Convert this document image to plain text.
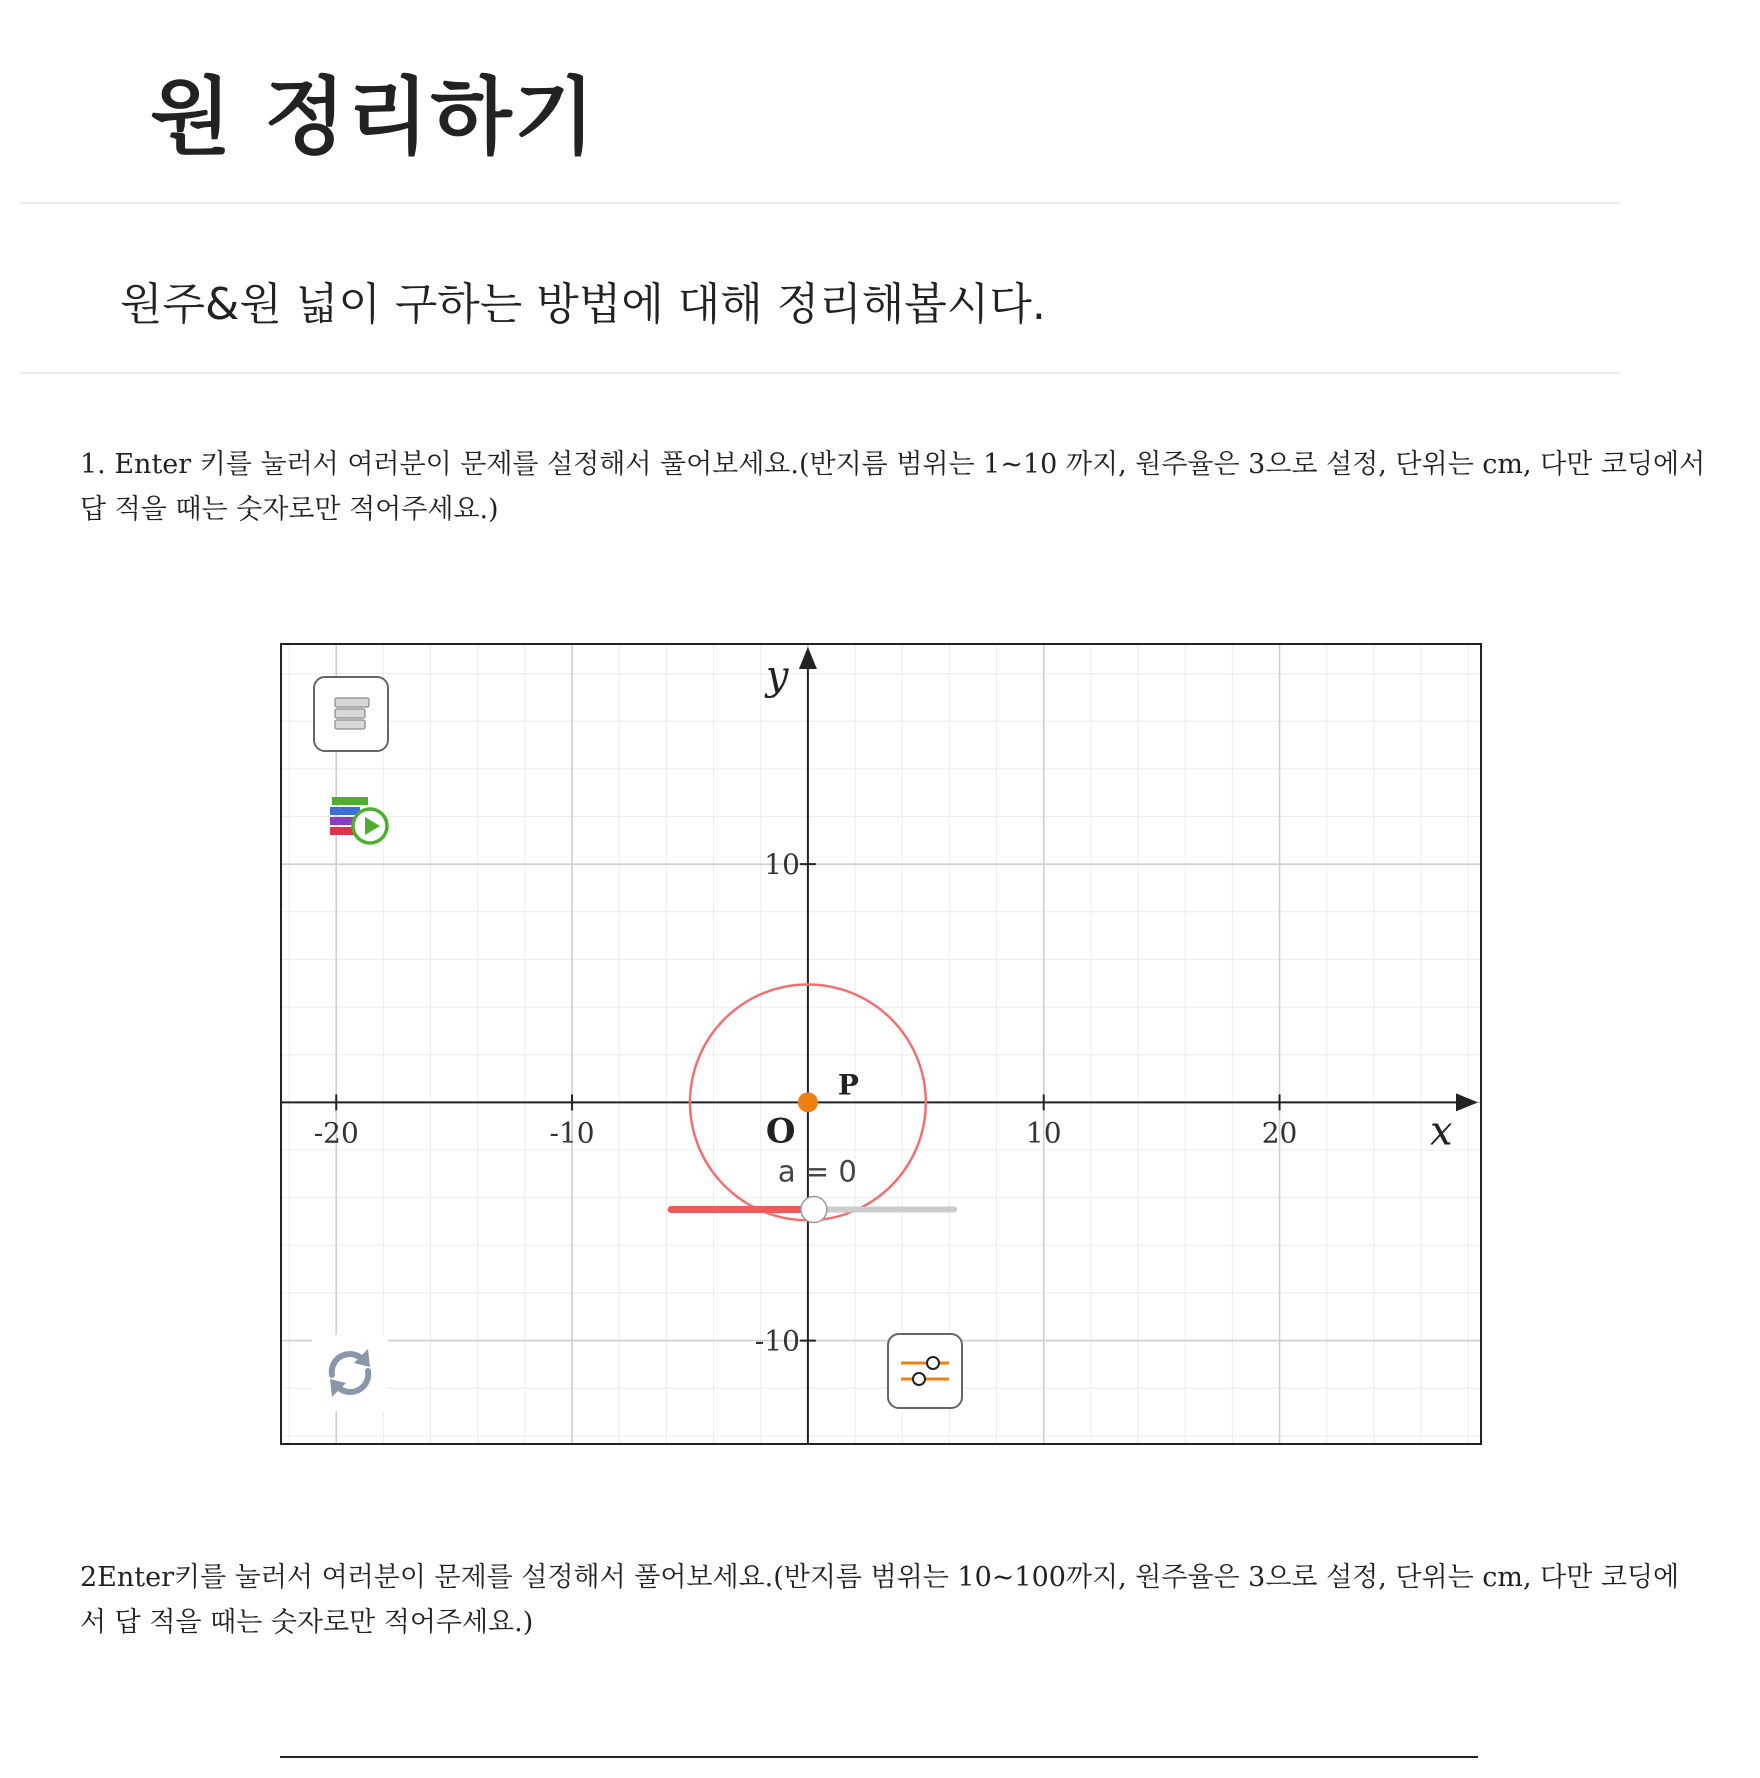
원 정리하기

원주&원 넓이 구하는 방법에 대해 정리해봅시다.

1. Enter 키를 눌러서 여러분이 문제를 설정해서 풀어보세요.(반지름 범위는 1~10 까지, 원주율은 3으로 설정, 단위는 cm, 다만 코딩에서
답 적을 때는 숫자로만 적어주세요.)
-20	-10	10	20
10
-10
x
y
O
P
a = 0
2Enter키를 눌러서 여러분이 문제를 설정해서 풀어보세요.(반지름 범위는 10~100까지, 원주율은 3으로 설정, 단위는 cm, 다만 코딩에
서 답 적을 때는 숫자로만 적어주세요.)
